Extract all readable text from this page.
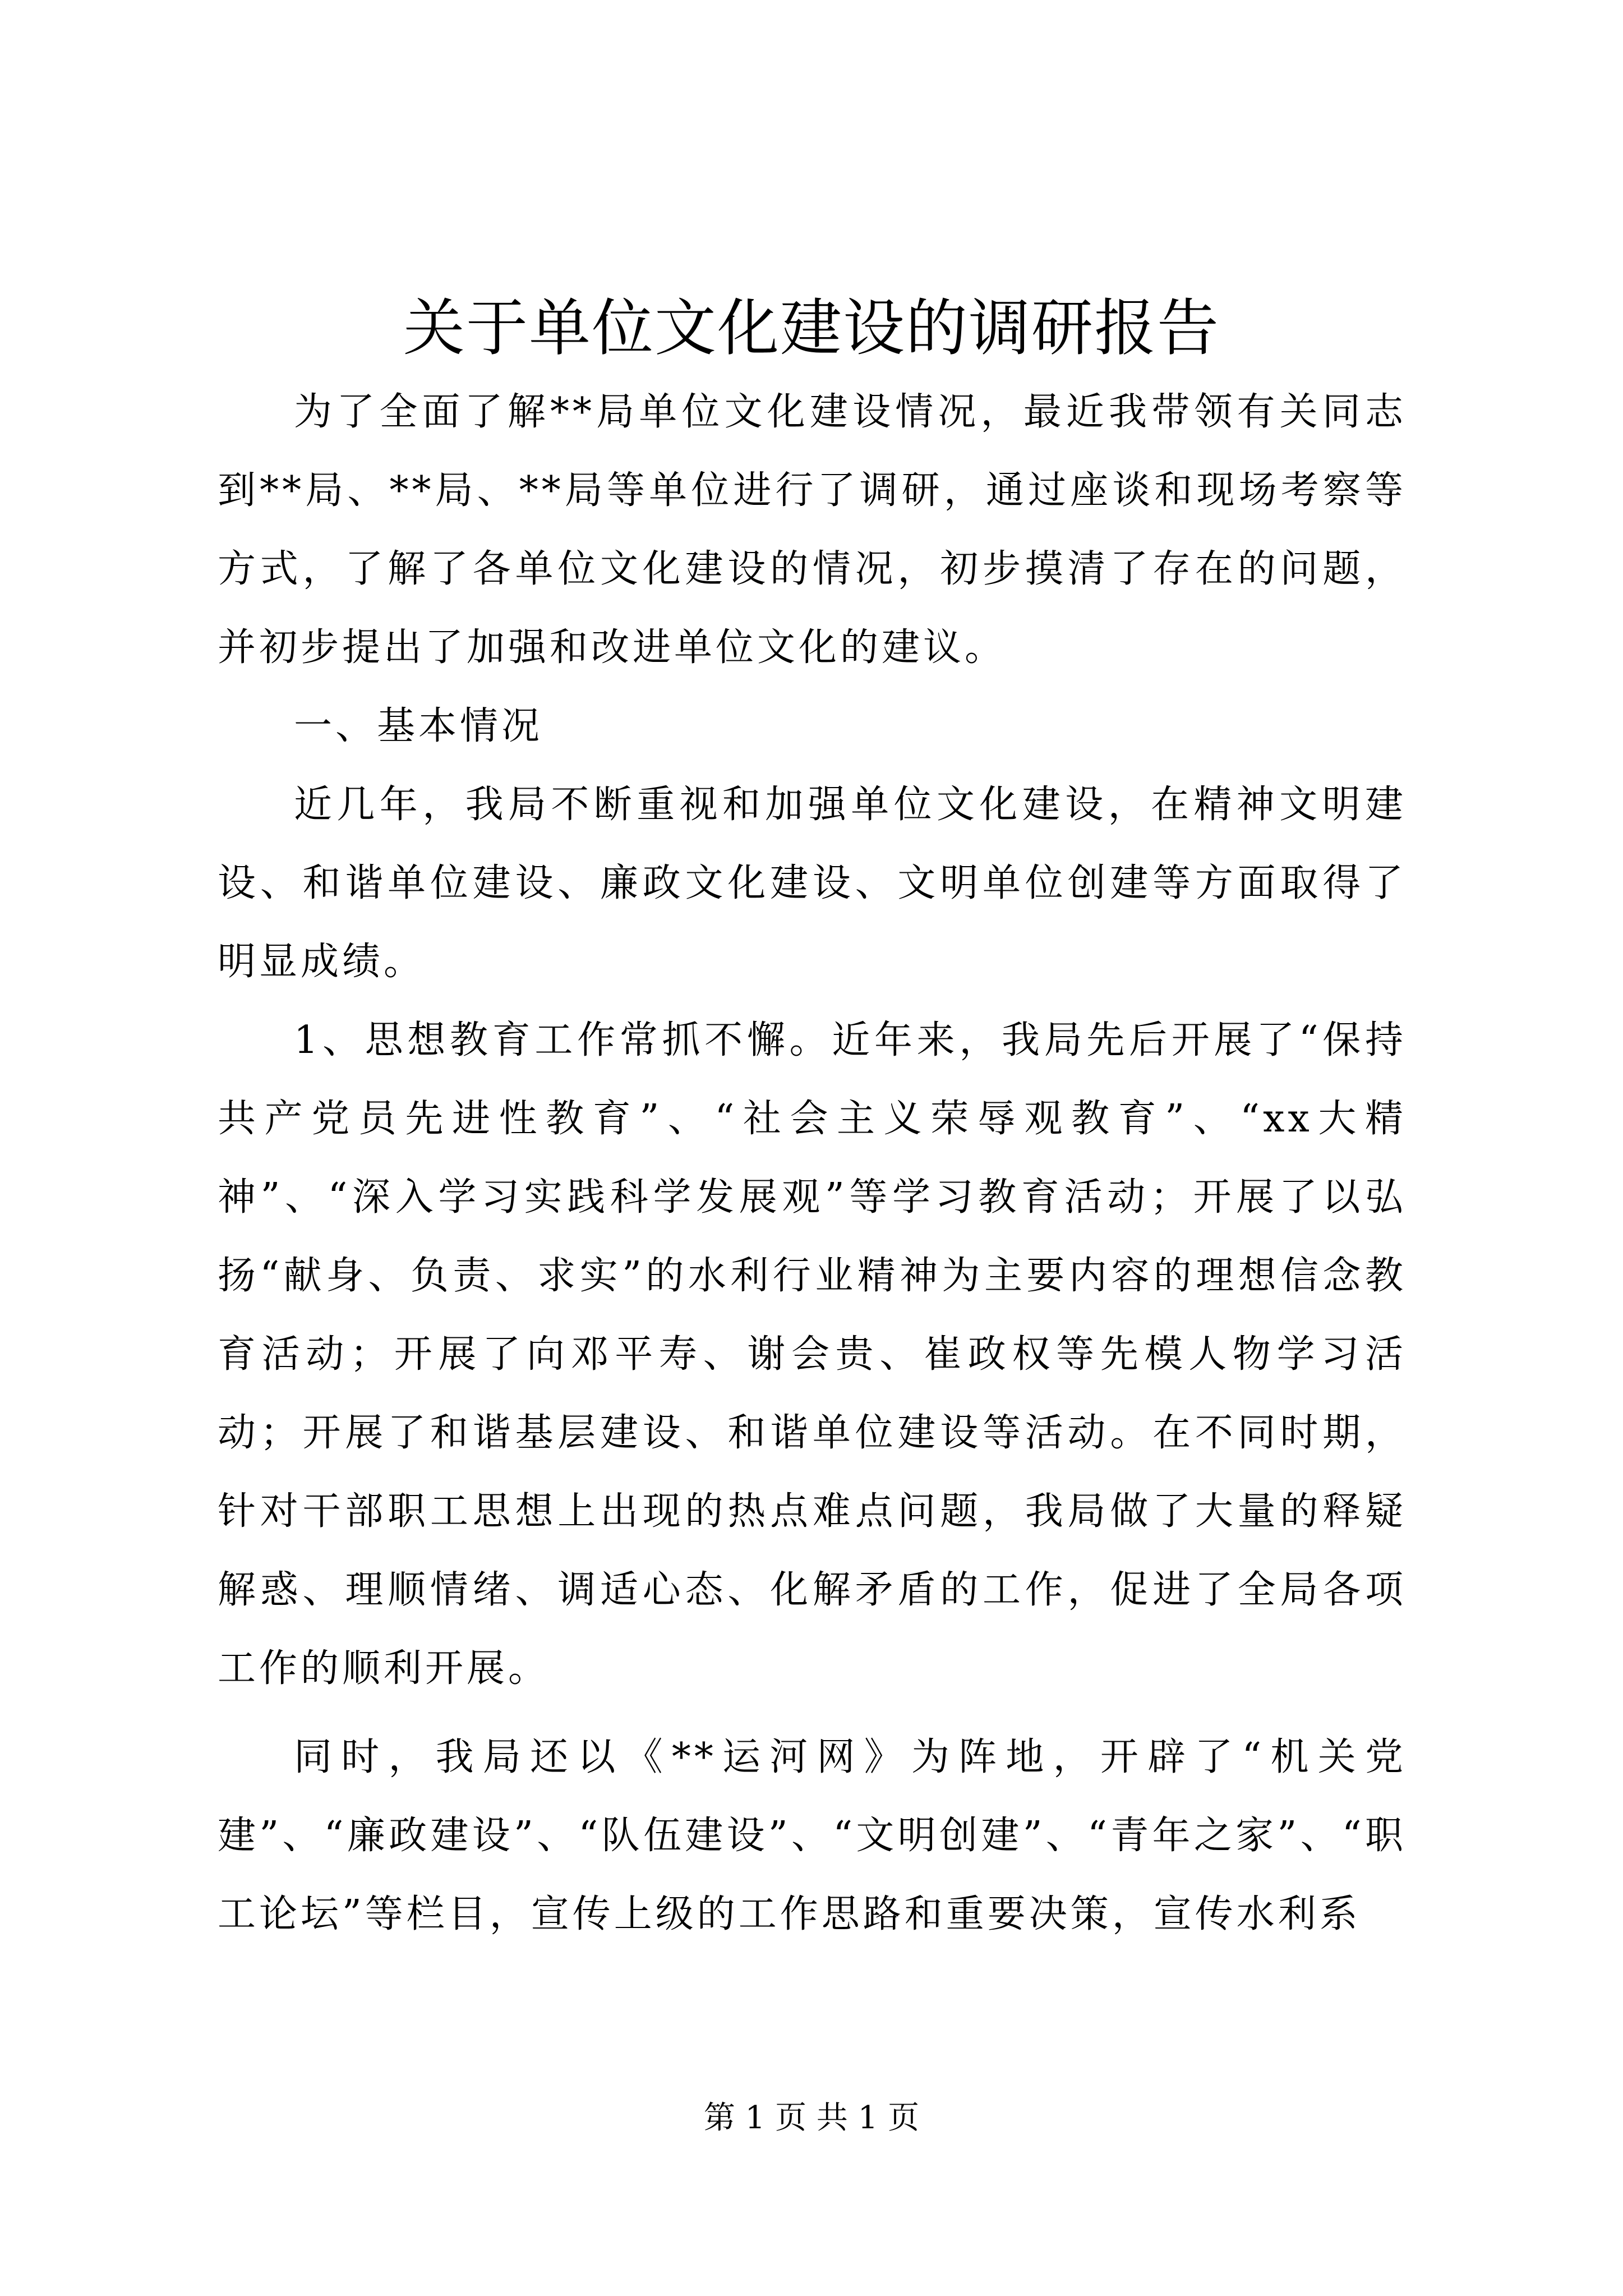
关于单位文化建设的调研报告

为了全面了解**局单位文化建设情况，最近我带领有关同志到**局、**局、**局等单位进行了调研，通过座谈和现场考察等方式，了解了各单位文化建设的情况，初步摸清了存在的问题，并初步提出了加强和改进单位文化的建议。

一、基本情况

近几年，我局不断重视和加强单位文化建设，在精神文明建设、和谐单位建设、廉政文化建设、文明单位创建等方面取得了明显成绩。

1、思想教育工作常抓不懈。近年来，我局先后开展了“保持共产党员先进性教育”、“社会主义荣辱观教育”、“xx大精神”、“深入学习实践科学发展观”等学习教育活动；开展了以弘扬“献身、负责、求实”的水利行业精神为主要内容的理想信念教育活动；开展了向邓平寿、谢会贵、崔政权等先模人物学习活动；开展了和谐基层建设、和谐单位建设等活动。在不同时期，针对干部职工思想上出现的热点难点问题，我局做了大量的释疑解惑、理顺情绪、调适心态、化解矛盾的工作，促进了全局各项工作的顺利开展。

同时，我局还以《**运河网》为阵地，开辟了“机关党建”、“廉政建设”、“队伍建设”、“文明创建”、“青年之家”、“职工论坛”等栏目，宣传上级的工作思路和重要决策，宣传水利系

第 1 页 共 1 页
